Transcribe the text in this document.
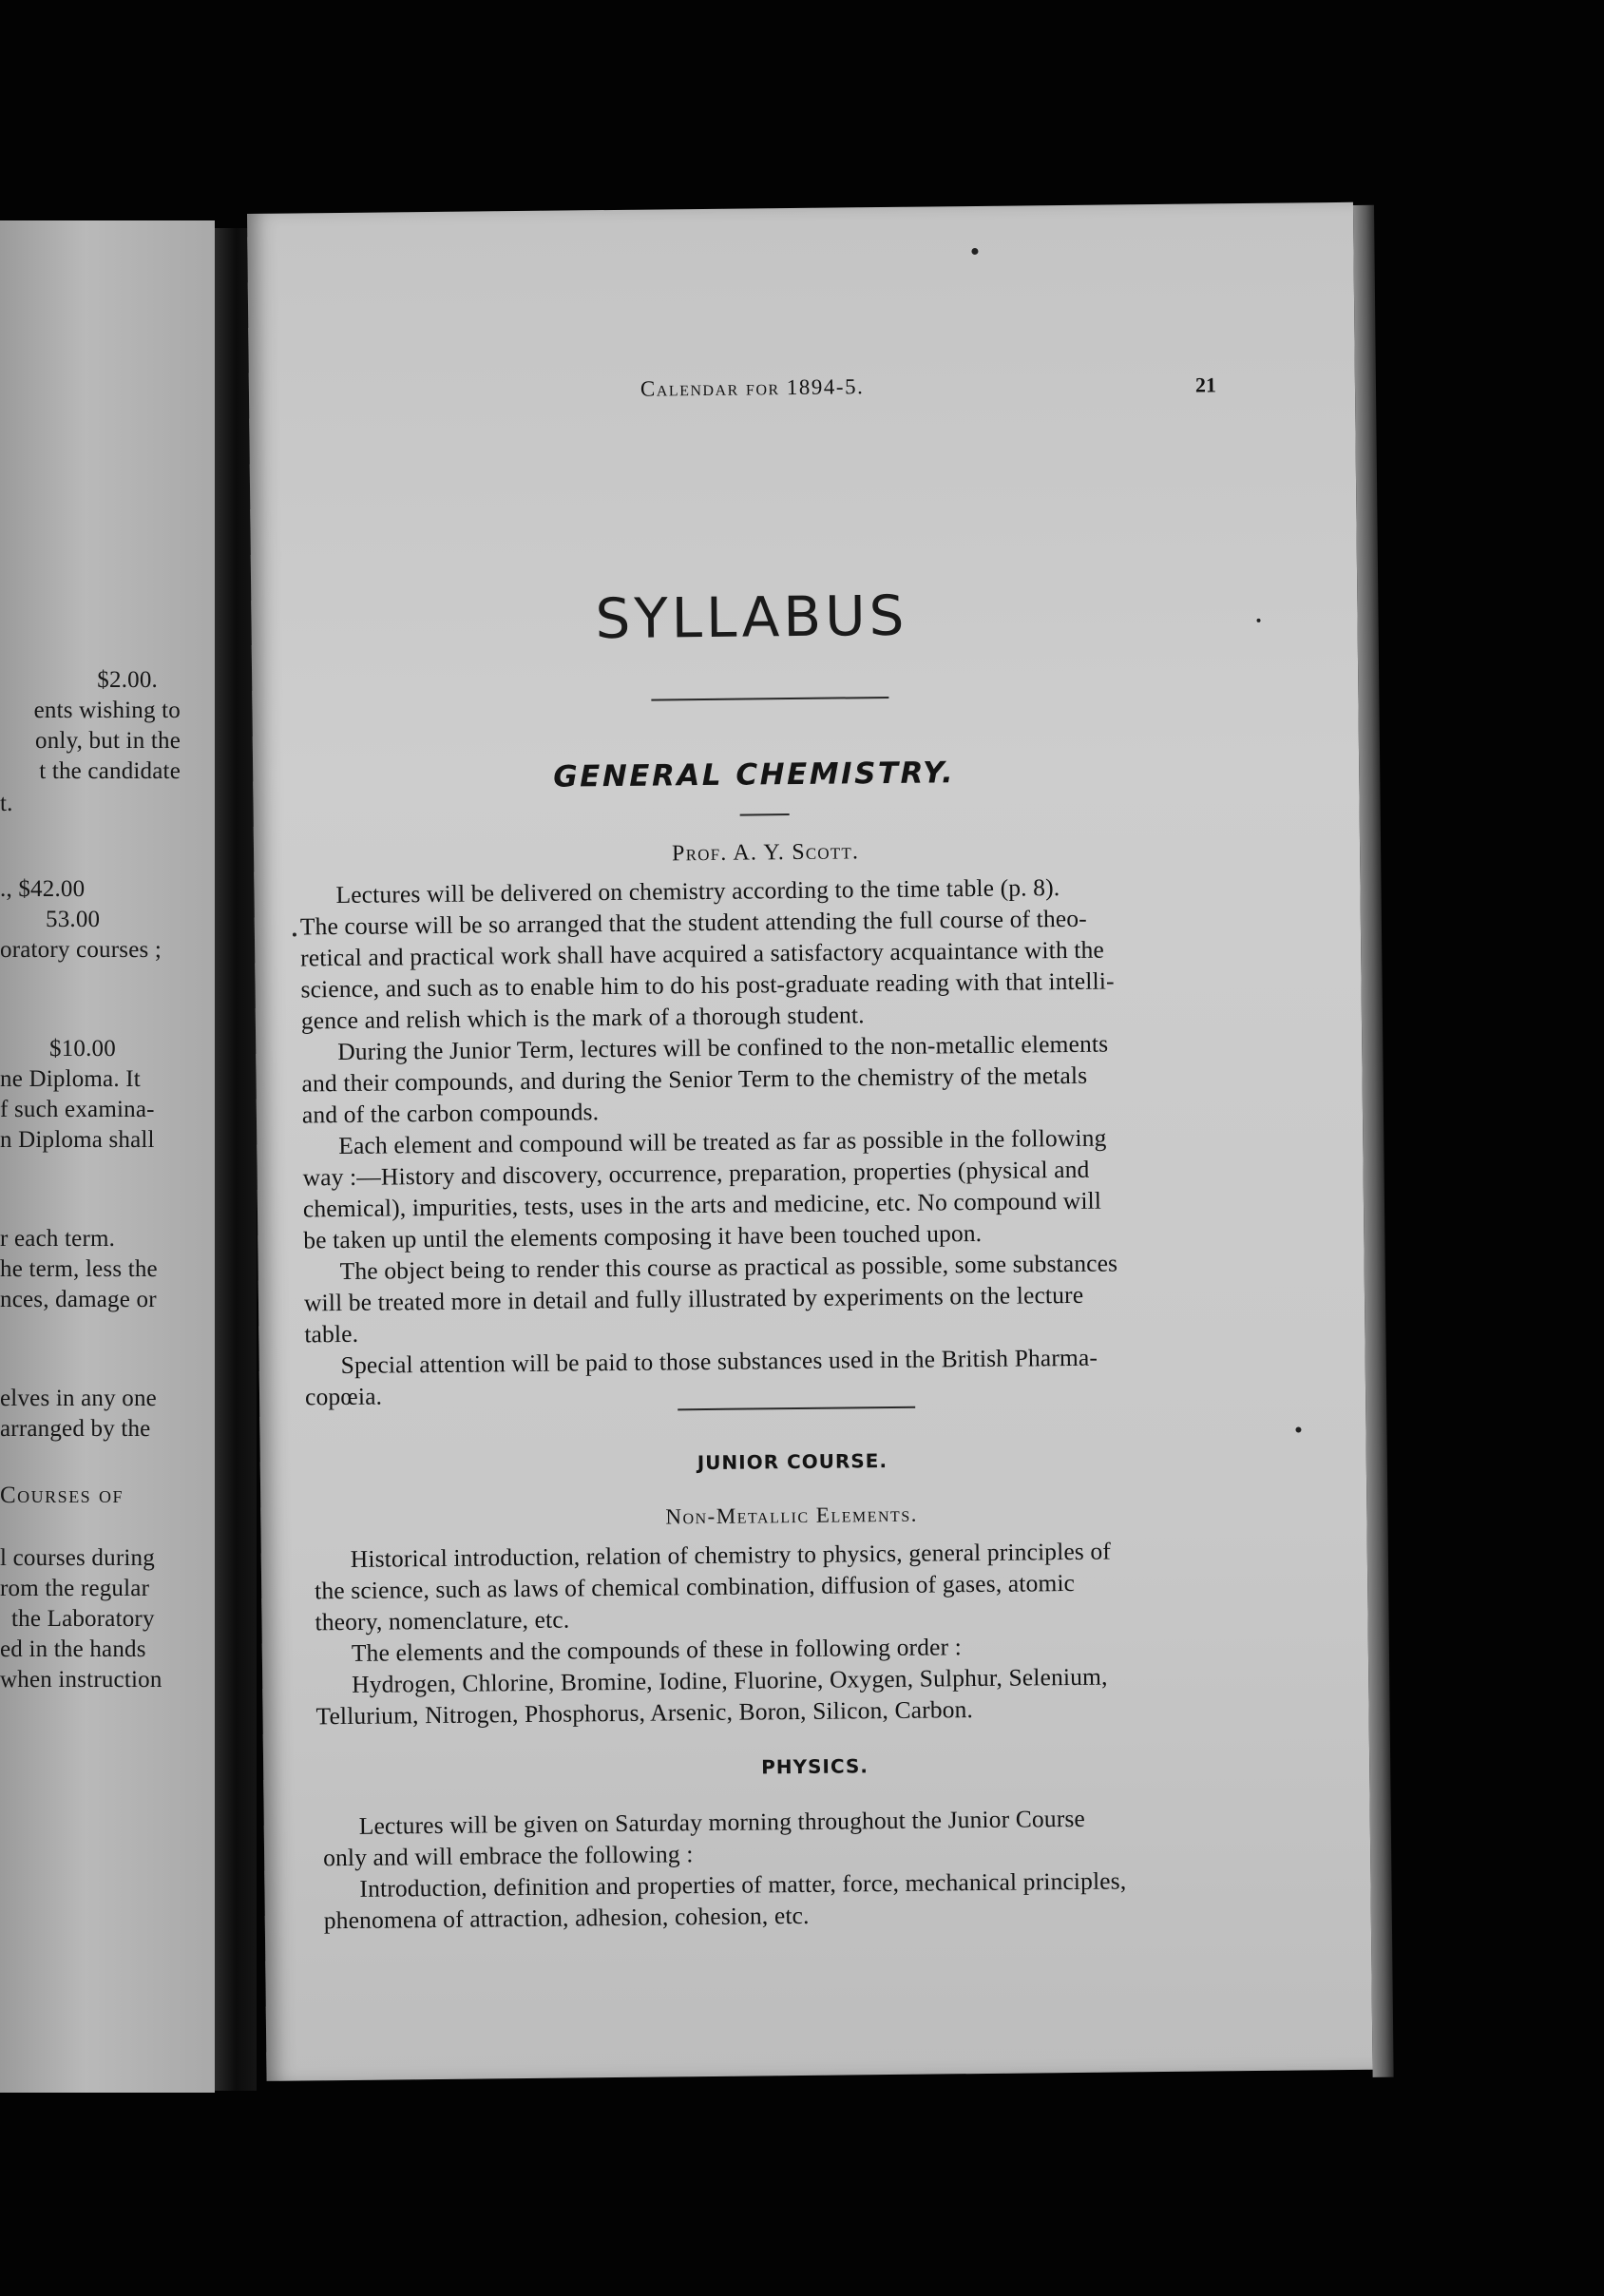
$2.00.
ents wishing to
only, but in the
t the candidate
t.
., $42.00
53.00
oratory courses ;
$10.00
ne Diploma. It
f such examina-
n Diploma shall
r each term.
he term, less the
nces, damage or
elves in any one
arranged by the
Courses of
l courses during
rom the regular
the Laboratory
ed in the hands
when instruction
Calendar for 1894-5.	21
SYLLABUS
GENERAL CHEMISTRY.
Prof. A. Y. Scott.
Lectures will be delivered on chemistry according to the time table (p. 8).
The course will be so arranged that the student attending the full course of theo-
retical and practical work shall have acquired a satisfactory acquaintance with the
science, and such as to enable him to do his post-graduate reading with that intelli-
gence and relish which is the mark of a thorough student.
During the Junior Term, lectures will be confined to the non-metallic elements
and their compounds, and during the Senior Term to the chemistry of the metals
and of the carbon compounds.
Each element and compound will be treated as far as possible in the following
way :—History and discovery, occurrence, preparation, properties (physical and
chemical), impurities, tests, uses in the arts and medicine, etc. No compound will
be taken up until the elements composing it have been touched upon.
The object being to render this course as practical as possible, some substances
will be treated more in detail and fully illustrated by experiments on the lecture
table.
Special attention will be paid to those substances used in the British Pharma-
copœia.
JUNIOR COURSE.
Non-Metallic Elements.
Historical introduction, relation of chemistry to physics, general principles of
the science, such as laws of chemical combination, diffusion of gases, atomic
theory, nomenclature, etc.
The elements and the compounds of these in following order :
Hydrogen, Chlorine, Bromine, Iodine, Fluorine, Oxygen, Sulphur, Selenium,
Tellurium, Nitrogen, Phosphorus, Arsenic, Boron, Silicon, Carbon.
PHYSICS.
Lectures will be given on Saturday morning throughout the Junior Course
only and will embrace the following :
Introduction, definition and properties of matter, force, mechanical principles,
phenomena of attraction, adhesion, cohesion, etc.
